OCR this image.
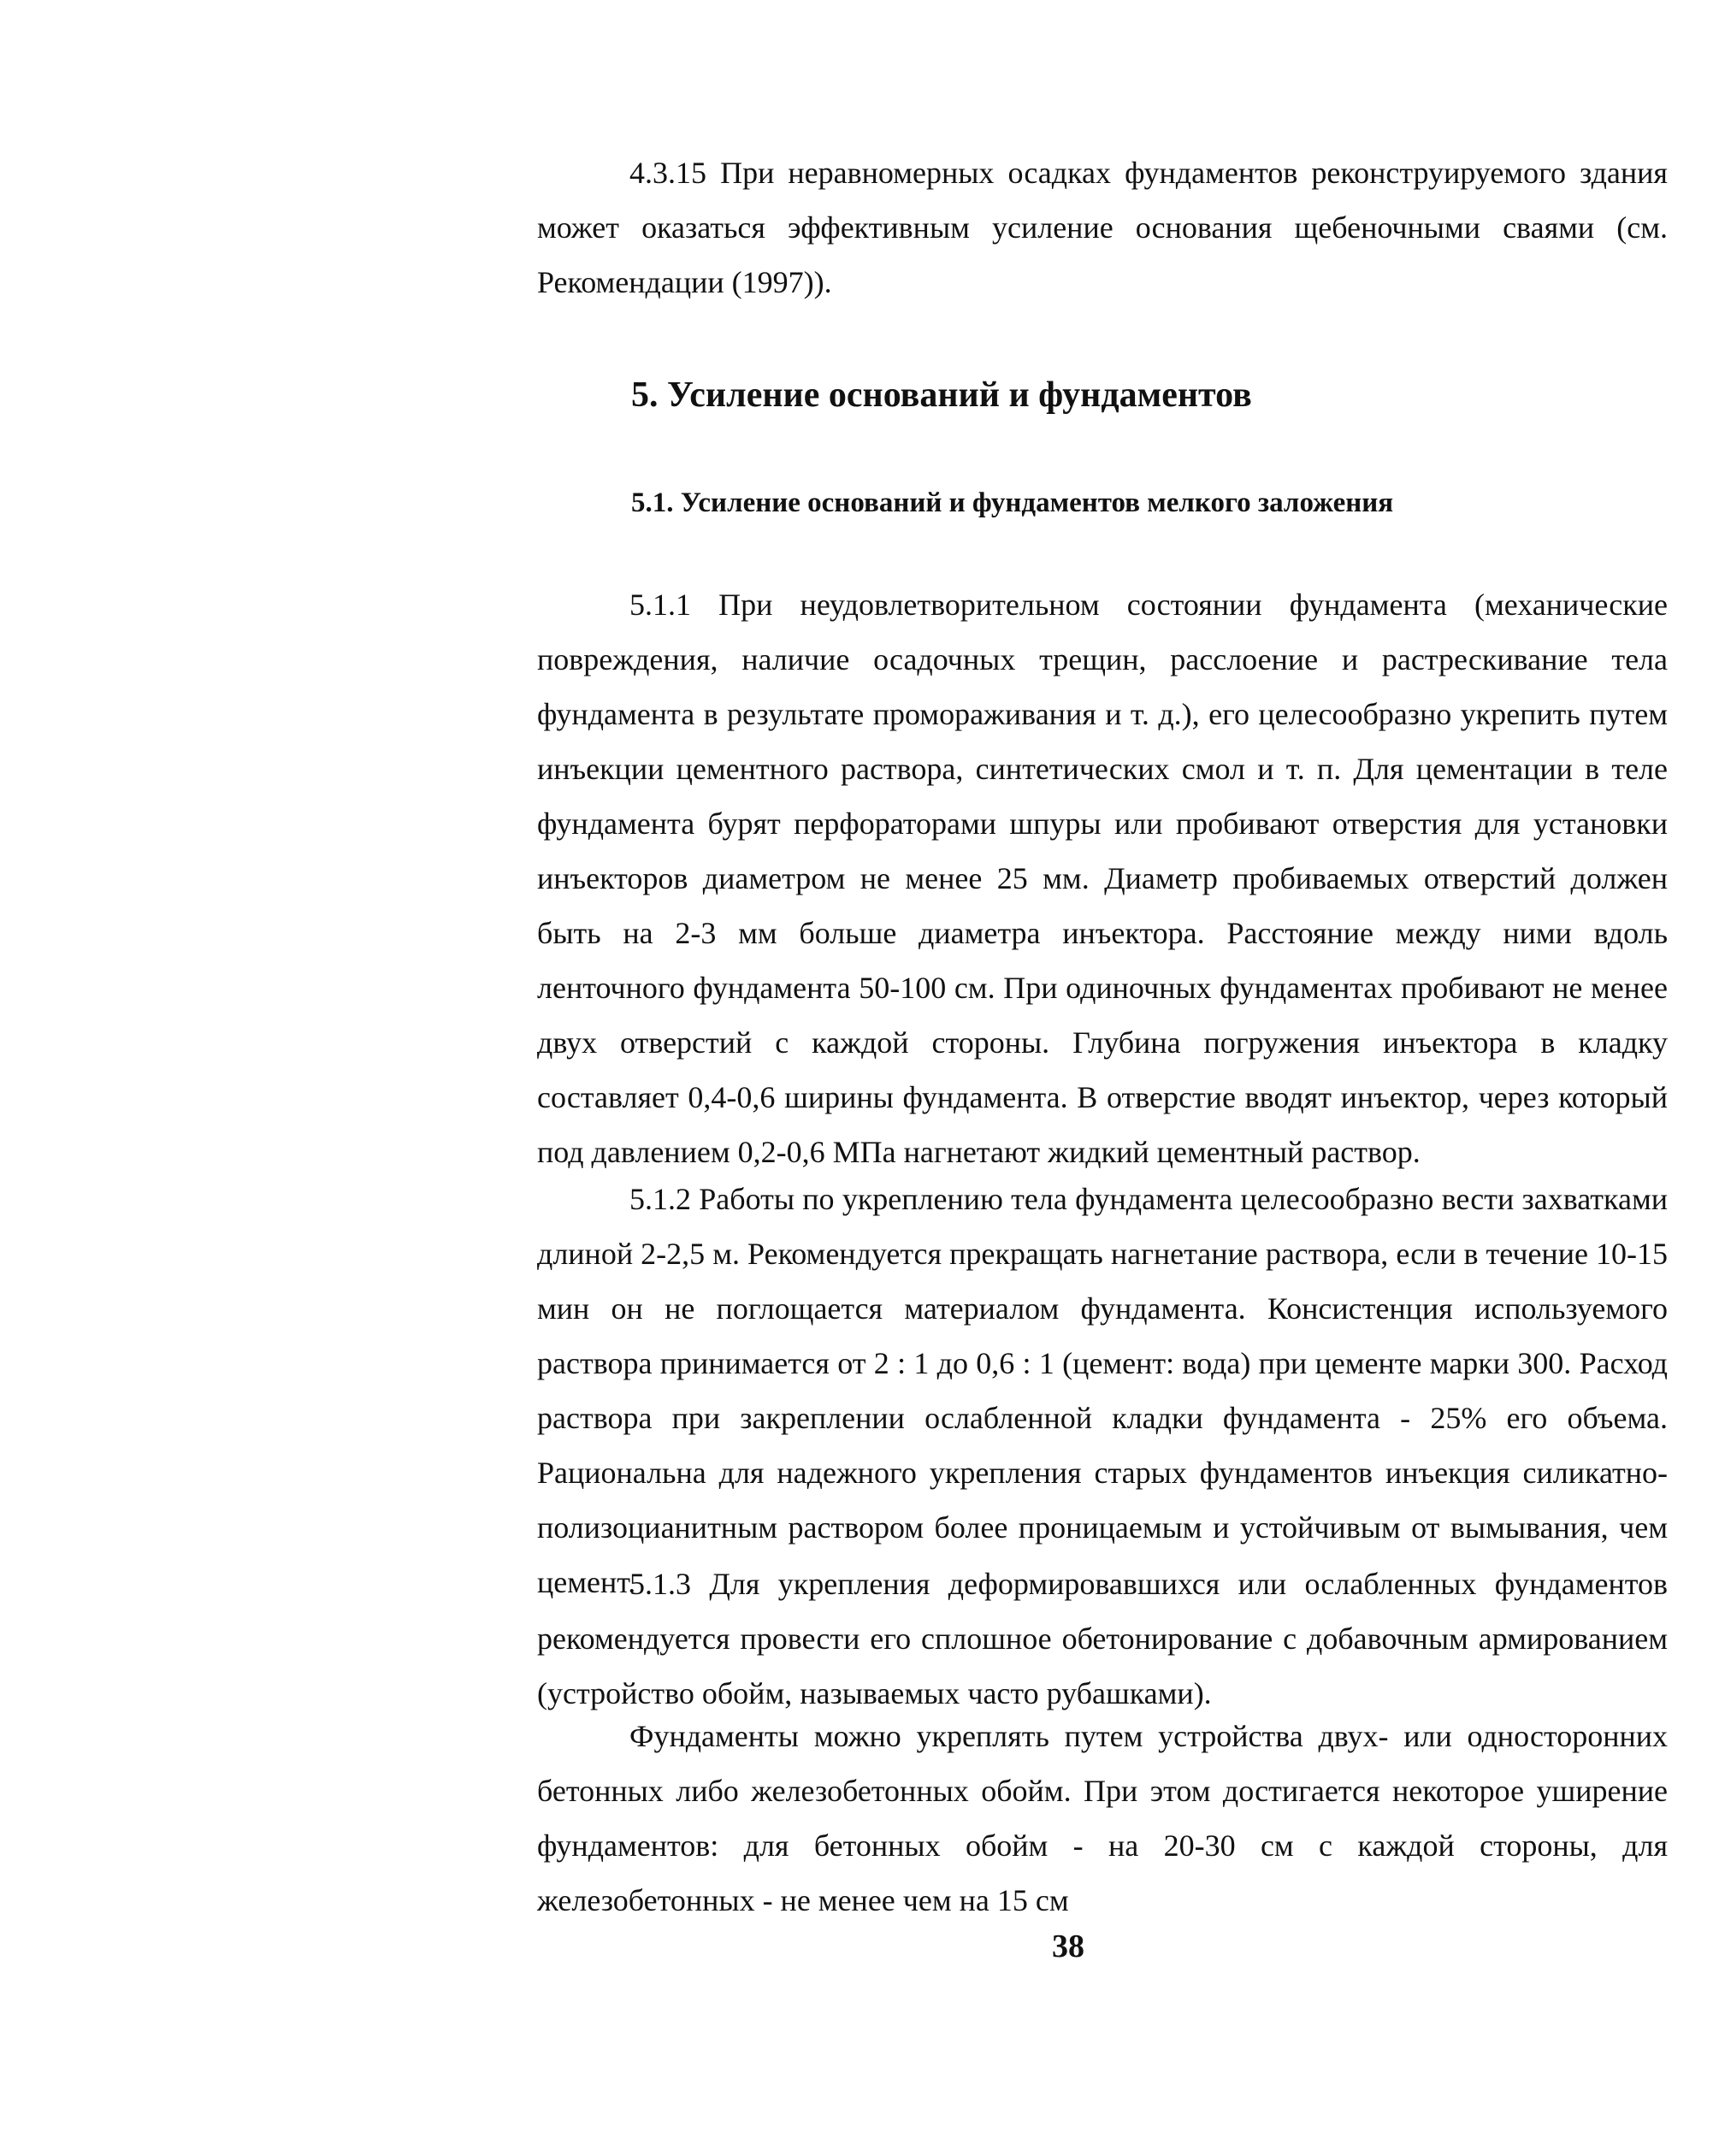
4.3.15 При неравномерных осадках фундаментов реконструируемого здания может оказаться эффективным усиление основания щебеночными сваями (см. Рекомендации (1997)).

5. Усиление оснований и фундаментов
5.1. Усиление оснований и фундаментов мелкого заложения

5.1.1 При неудовлетворительном состоянии фундамента (механические повреждения, наличие осадочных трещин, расслоение и растрескивание тела фундамента в результате промораживания и т. д.), его целесообразно укрепить путем инъекции цементного раствора, синтетических смол и т. п. Для цементации в теле фундамента бурят перфораторами шпуры или пробивают отверстия для установки инъекторов диаметром не менее 25 мм. Диаметр пробиваемых отверстий должен быть на 2-3 мм больше диаметра инъектора. Расстояние между ними вдоль ленточного фундамента 50-100 см. При одиночных фундаментах пробивают не менее двух отверстий с каждой стороны. Глубина погружения инъектора в кладку составляет 0,4-0,6 ширины фундамента. В отверстие вводят инъектор, через который под давлением 0,2-0,6 МПа нагнетают жидкий цементный раствор.

5.1.2 Работы по укреплению тела фундамента целесообразно вести захватками длиной 2-2,5 м. Рекомендуется прекращать нагнетание раствора, если в течение 10-15 мин он не поглощается материалом фундамента. Консистенция используемого раствора принимается от 2 : 1 до 0,6 : 1 (цемент: вода) при цементе марки 300. Расход раствора при закреплении ослабленной кладки фундамента - 25% его объема. Рациональна для надежного укрепления старых фундаментов инъекция силикатно-полизоцианитным раствором более проницаемым и устойчивым от вымывания, чем цемент.

5.1.3 Для укрепления деформировавшихся или ослабленных фундаментов рекомендуется провести его сплошное обетонирование с добавочным армированием (устройство обойм, называемых часто рубашками).

Фундаменты можно укреплять путем устройства двух- или односторонних бетонных либо железобетонных обойм. При этом достигается некоторое уширение фундаментов: для бетонных обойм - на 20-30 см с каждой стороны, для железобетонных - не менее чем на 15 см

38
